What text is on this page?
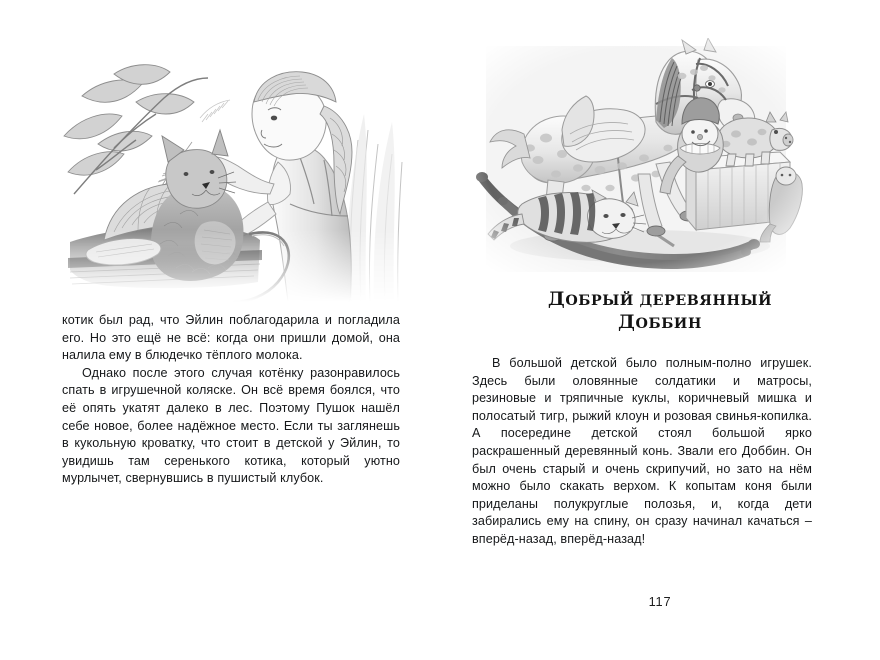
котик был рад, что Эйлин поблагодарила и погладила его. Но это ещё не всё: когда они пришли домой, она налила ему в блюдечко тёплого молока.

Однако после этого случая котёнку разонравилось спать в игрушечной коляске. Он всё время боялся, что её опять укатят далеко в лес. Поэтому Пушок нашёл себе новое, более надёжное место. Если ты заглянешь в кукольную кроватку, что стоит в детской у Эйлин, то увидишь там серенького котика, который уютно мурлычет, свернувшись в пушистый клубок.

ДОБРЫЙ ДЕРЕВЯННЫЙ
ДОББИН

В большой детской было полным-полно игрушек. Здесь были оловянные солдатики и матросы, резиновые и тряпичные куклы, коричневый мишка и полосатый тигр, рыжий клоун и розовая свинья-копилка. А посередине детской стоял большой ярко раскрашенный деревянный конь. Звали его Доббин. Он был очень старый и очень скрипучий, но зато на нём можно было скакать верхом. К копытам коня были приделаны полукруглые полозья, и, когда дети забирались ему на спину, он сразу начинал качаться – вперёд-назад, вперёд-назад!

117
